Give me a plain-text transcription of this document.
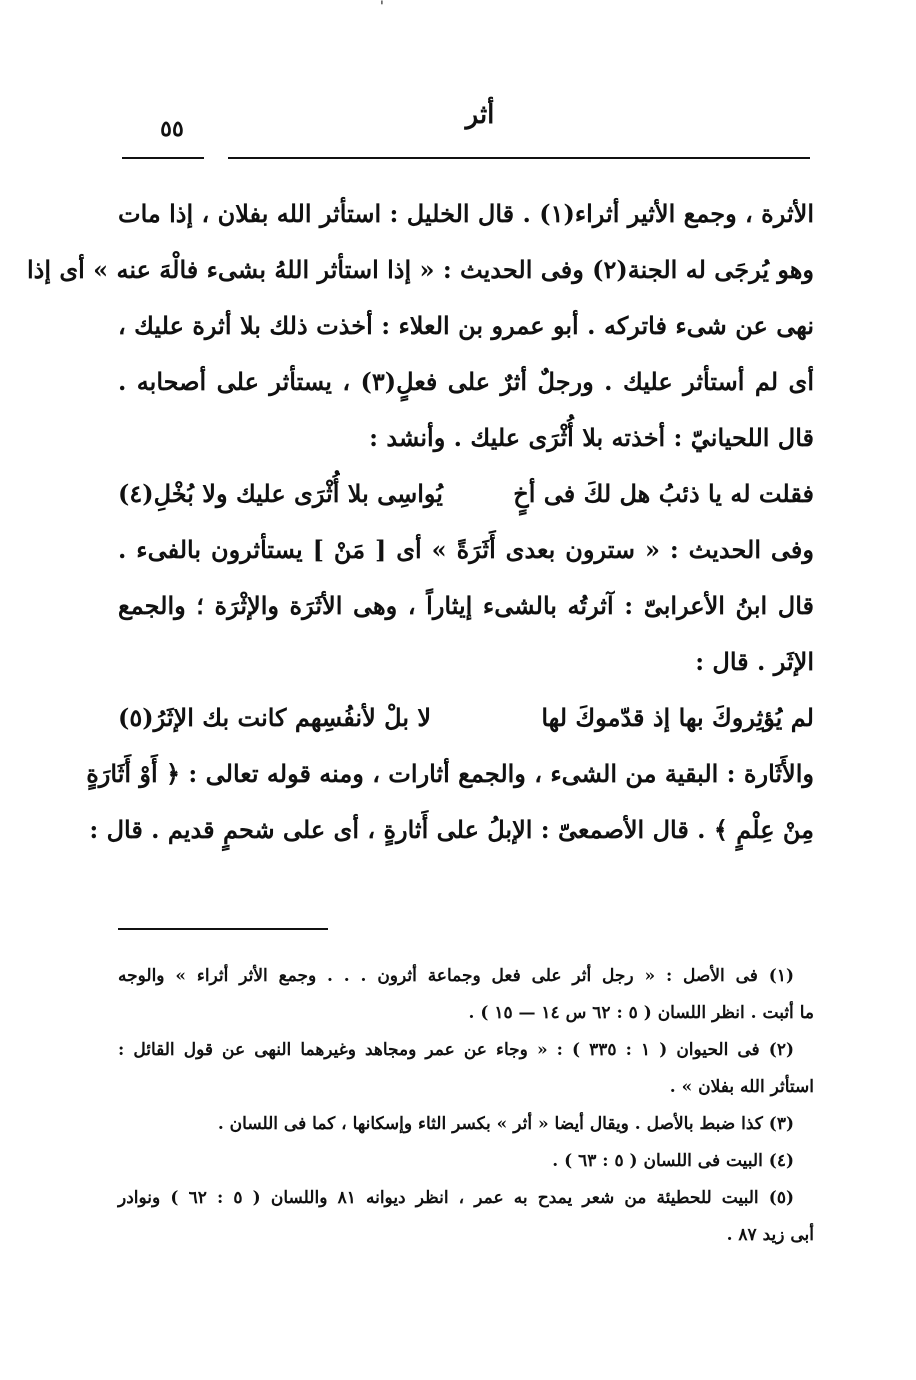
'
أثر
٥٥
الأثرة ، وجمع الأثير أثراء(١) . قال الخليل : استأثر الله بفلان ، إذا مات
وهو يُرجَى له الجنة(٢) وفى الحديث : « إذا استأثر اللهُ بشىء فالْهَ عنه » أى إذا
نهى عن شىء فاتركه . أبو عمرو بن العلاء : أخذت ذلك بلا أثرة عليك ،
أى لم أستأثر عليك . ورجلٌ أثرٌ على فعلٍ(٣) ، يستأثر على أصحابه .
قال اللحيانيّ : أخذته بلا أُثْرَى عليك . وأنشد :
فقلت له يا ذئبُ هل لكَ فى أخٍ
يُواسِى بلا أُثْرَى عليك ولا بُخْلِ(٤)
وفى الحديث : « سترون بعدى أَثَرَةً » أى [ مَنْ ] يستأثرون بالفىء .
قال ابنُ الأعرابىّ : آثرتُه بالشىء إيثاراً ، وهى الأثَرَة والإثْرَة ؛ والجمع
الإثَر . قال :
لم يُؤثِروكَ بها إذ قدّموكَ لها
لا بلْ لأنفُسِهم كانت بك الإثَرُ(٥)
والأَثَارة : البقية من الشىء ، والجمع أثارات ، ومنه قوله تعالى : ﴿ أَوْ أَثَارَةٍ
مِنْ عِلْمٍ ﴾ . قال الأصمعىّ : الإبلُ على أَثارةٍ ، أى على شحمٍ قديم . قال :
(١) فى الأصل : « رجل أثر على فعل وجماعة أثرون . . . وجمع الأثر أثراء » والوجه
ما أثبت . انظر اللسان ( ٥ : ٦٢ س ١٤ — ١٥ ) .
(٢) فى الحيوان ( ١ : ٣٣٥ ) : « وجاء عن عمر ومجاهد وغيرهما النهى عن قول القائل :
استأثر الله بفلان » .
(٣) كذا ضبط بالأصل . ويقال أيضا « أثر » بكسر الثاء وإسكانها ، كما فى اللسان .
(٤) البيت فى اللسان ( ٥ : ٦٣ ) .
(٥) البيت للحطيئة من شعر يمدح به عمر ، انظر ديوانه ٨١ واللسان ( ٥ : ٦٢ ) ونوادر
أبى زيد ٨٧ .
